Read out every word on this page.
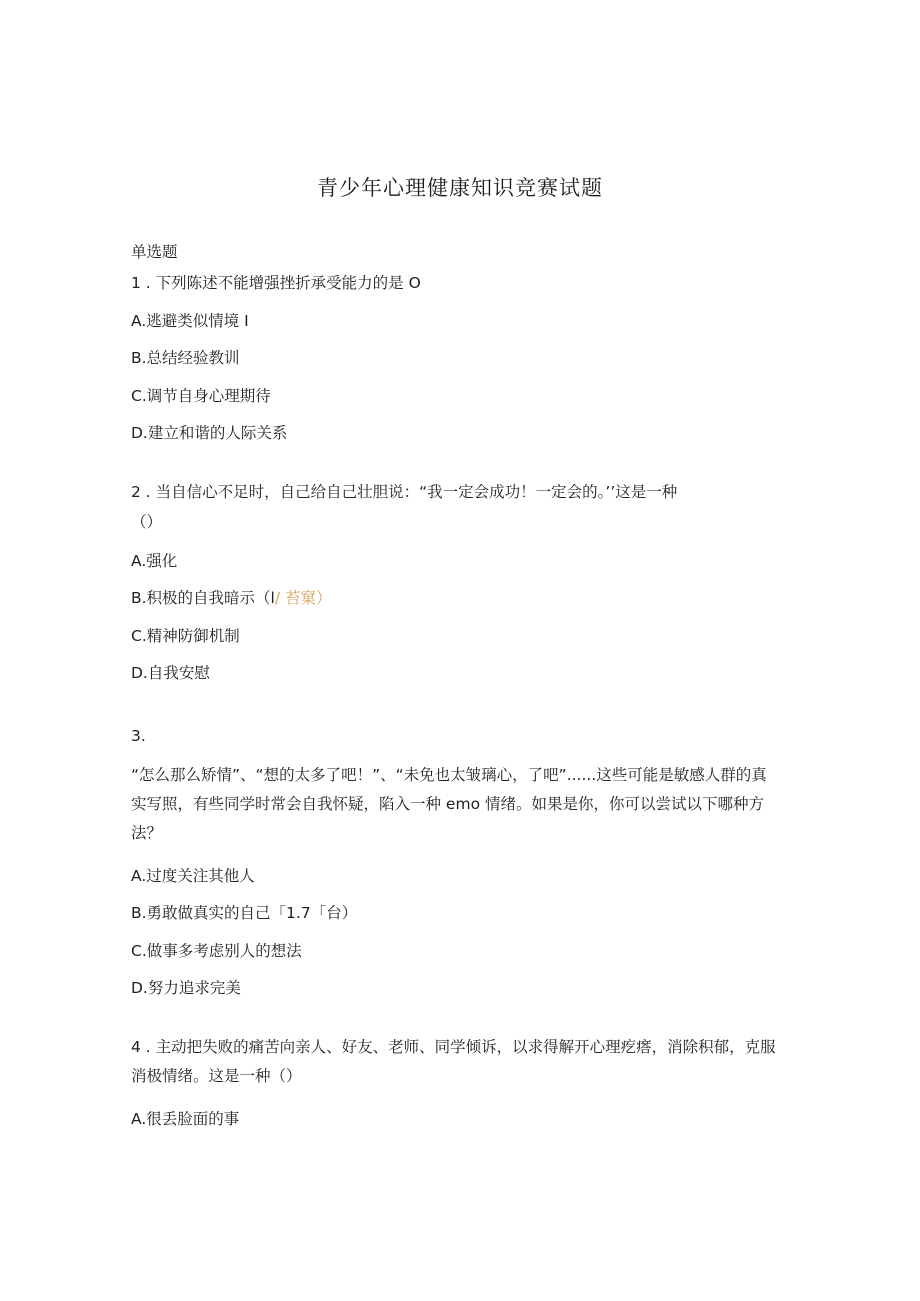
青少年心理健康知识竞赛试题
单选题
1 . 下列陈述不能增强挫折承受能力的是 O
A.逃避类似情境 I
B.总结经验教训
C.调节自身心理期待
D.建立和谐的人际关系
2 . 当自信心不足时，自己给自己壮胆说：“我一定会成功！一定会的。’’这是一种
（）
A.强化
B.积极的自我暗示（l/ 苔窠）
C.精神防御机制
D.自我安慰
3.
“怎么那么矫情”、“想的太多了吧！”、“未免也太皱璃心，了吧”......这些可能是敏感人群的真实写照，有些同学时常会自我怀疑，陷入一种 emo 情绪。如果是你，你可以尝试以下哪种方法？
A.过度关注其他人
B.勇敢做真实的自己「1.7「台）
C.做事多考虑别人的想法
D.努力追求完美
4 . 主动把失败的痛苦向亲人、好友、老师、同学倾诉，以求得解开心理疙瘩，消除积郁，克服消极情绪。这是一种（）
A.很丢脸面的事
